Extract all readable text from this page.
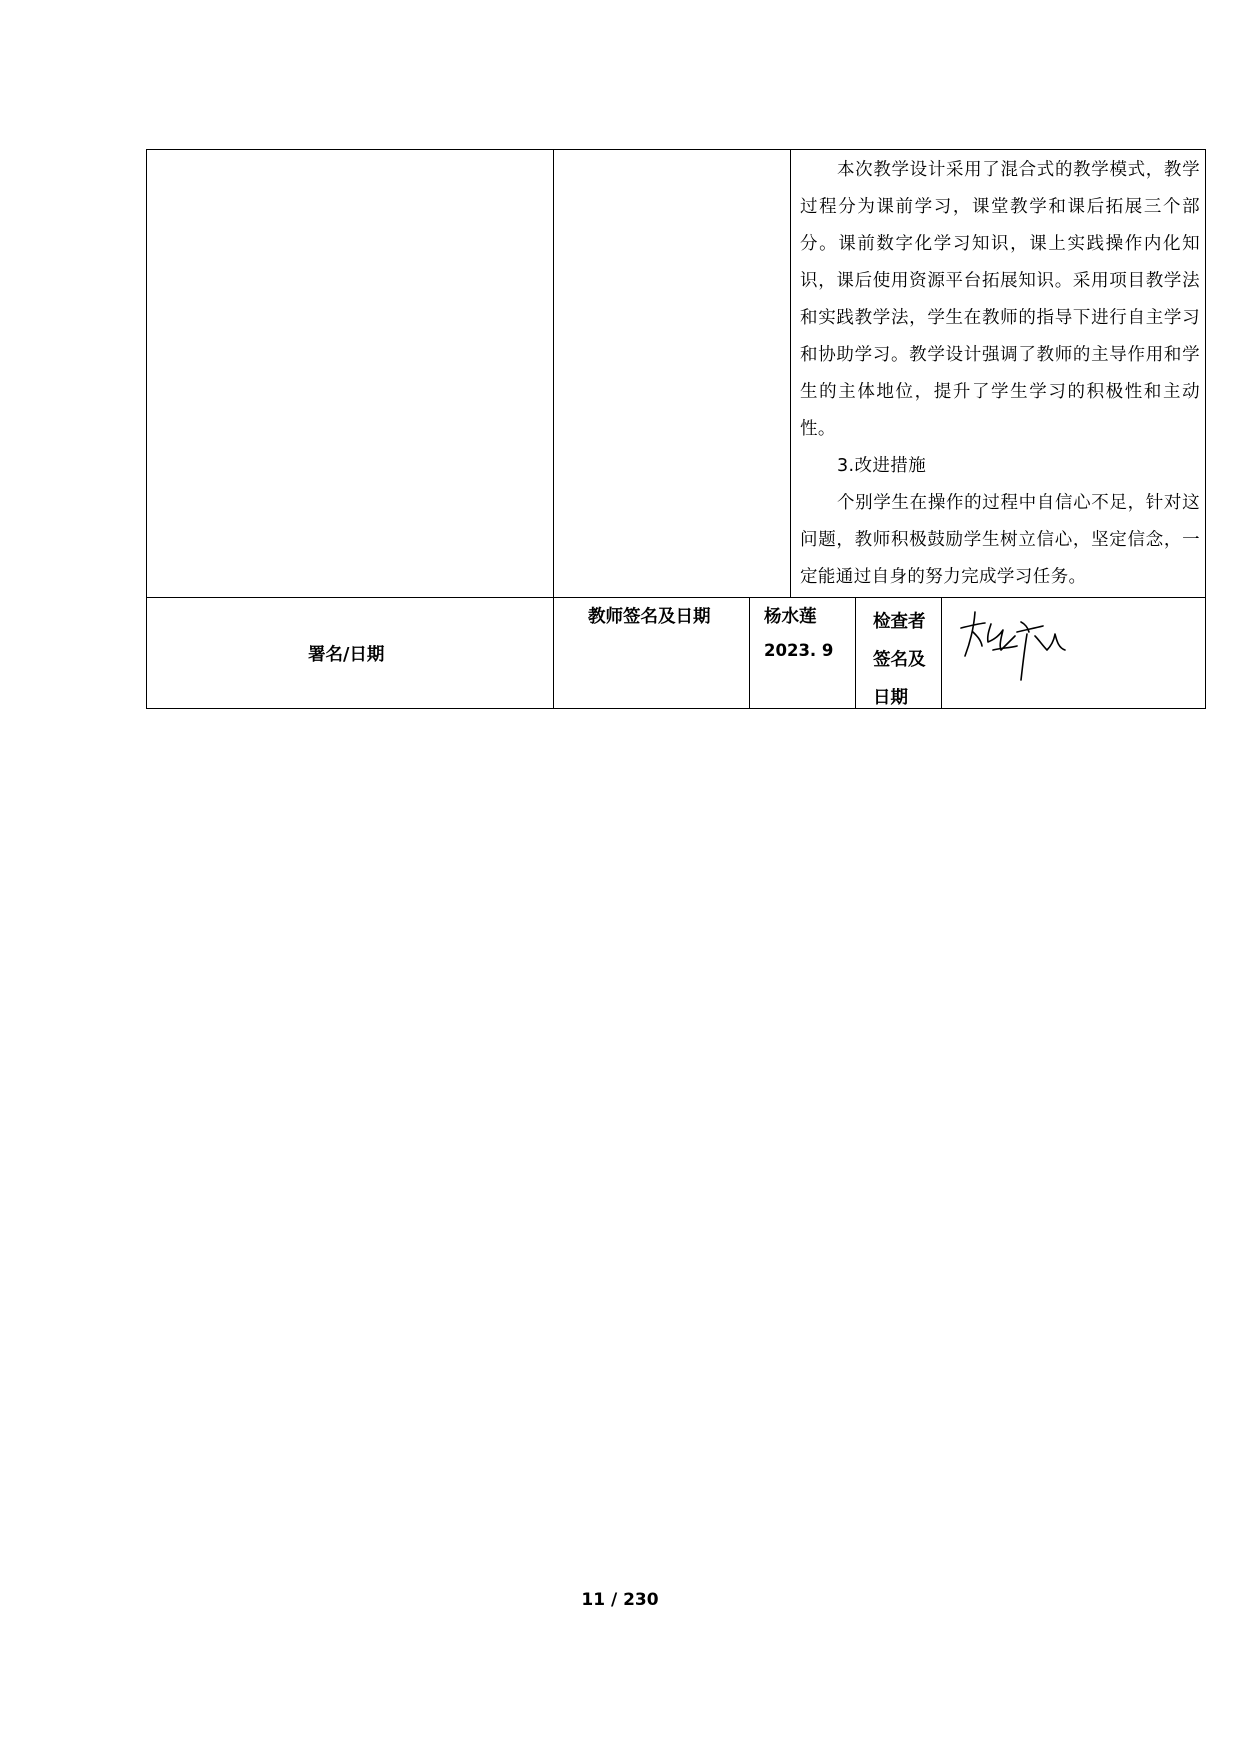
本次教学设计采用了混合式的教学模式，教学过程分为课前学习，课堂教学和课后拓展三个部分。课前数字化学习知识，课上实践操作内化知识，课后使用资源平台拓展知识。采用项目教学法和实践教学法，学生在教师的指导下进行自主学习和协助学习。教学设计强调了教师的主导作用和学生的主体地位，提升了学生学习的积极性和主动性。

3.改进措施

个别学生在操作的过程中自信心不足，针对这问题，教师积极鼓励学生树立信心，坚定信念，一定能通过自身的努力完成学习任务。

署名/日期
教师签名及日期	杨水莲
2023. 9
检查者
签名及
日期
11 / 230
